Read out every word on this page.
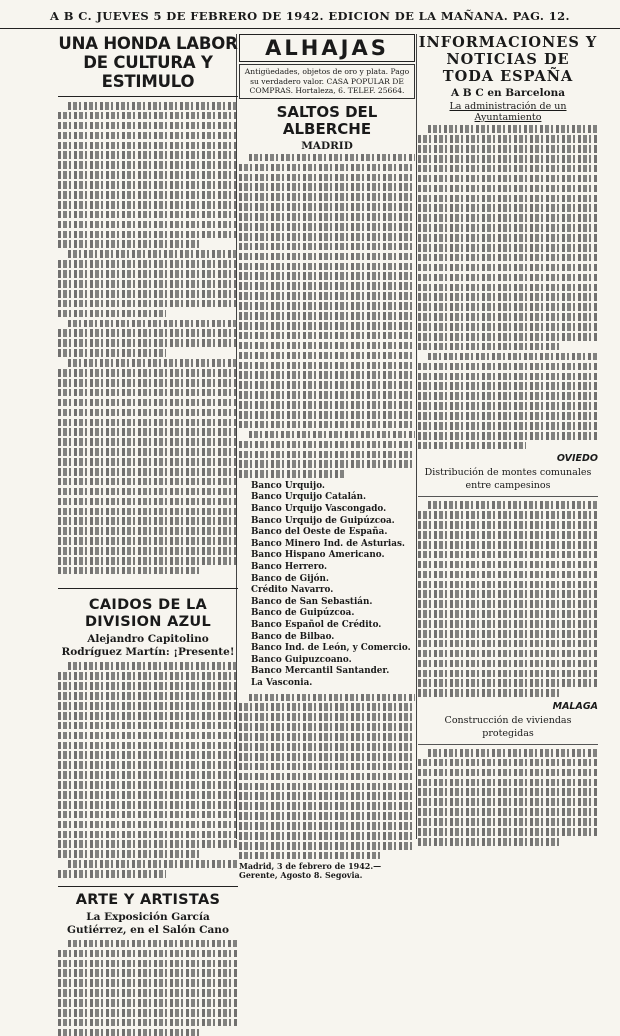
A B C. JUEVES 5 DE FEBRERO DE 1942. EDICION DE LA MAÑANA. PAG. 12.
UNA HONDA LABOR DE CULTURA Y ESTIMULO
CAIDOS DE LA DIVISION AZUL
Alejandro Capitolino Rodríguez Martín: ¡Presente!
ARTE Y ARTISTAS
La Exposición García Gutiérrez, en el Salón Cano
ALHAJAS
Antigüedades, objetos de oro y plata. Pago su verdadero valor. CASA POPULAR DE COMPRAS. Hortaleza, 6. TELEF. 25664.
SALTOS DEL ALBERCHE
MADRID
Banco Urquijo.
Banco Urquijo Catalán.
Banco Urquijo Vascongado.
Banco Urquijo de Guipúzcoa.
Banco del Oeste de España.
Banco Minero Ind. de Asturias.
Banco Hispano Americano.
Banco Herrero.
Banco de Gijón.
Crédito Navarro.
Banco de San Sebastián.
Banco de Guipúzcoa.
Banco Español de Crédito.
Banco de Bilbao.
Banco Ind. de León, y Comercio.
Banco Guipuzcoano.
Banco Mercantil Santander.
La Vasconia.
Madrid, 3 de febrero de 1942.—Gerente, Agosto 8. Segovia.
INFORMACIONES Y NOTICIAS DE TODA ESPAÑA
A B C en Barcelona
La administración de un Ayuntamiento
OVIEDO
Distribución de montes comunales entre campesinos
MALAGA
Construcción de viviendas protegidas
